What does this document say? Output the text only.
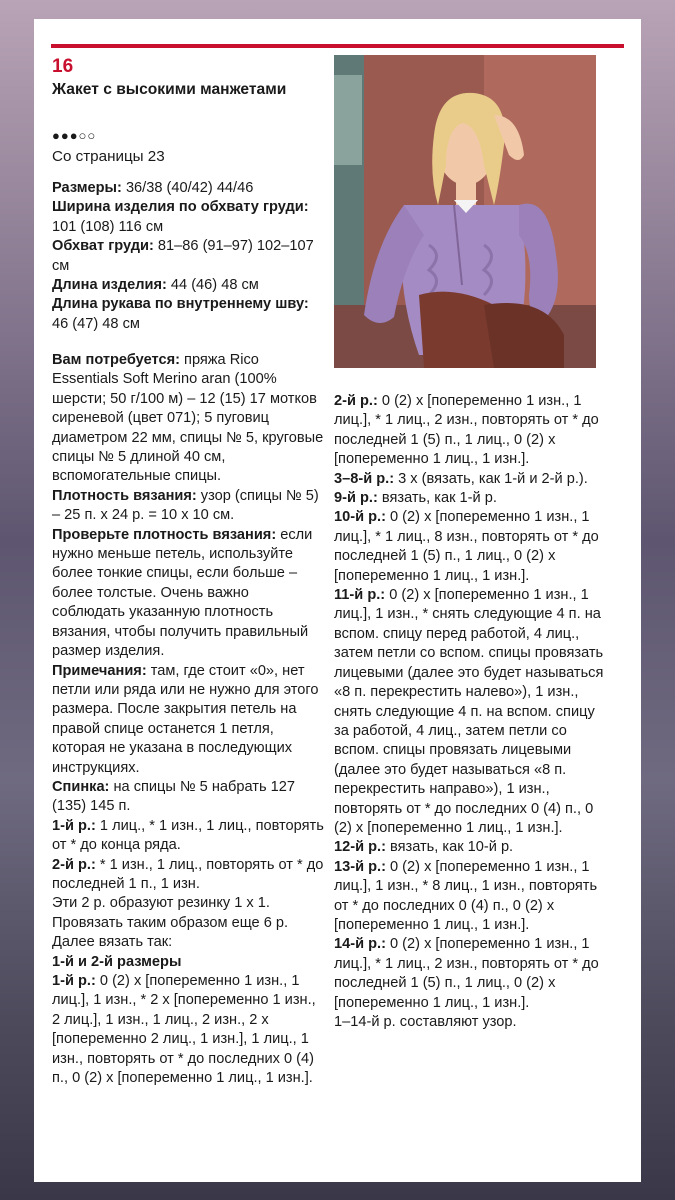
16
Жакет с высокими манжетами
●●●○○
Со страницы 23

Размеры: 36/38 (40/42) 44/46

Ширина изделия по обхвату груди: 101 (108) 116 см

Обхват груди: 81–86 (91–97) 102–107 см

Длина изделия: 44 (46) 48 см

Длина рукава по внутреннему шву: 46 (47) 48 см

Вам потребуется: пряжа Rico Essentials Soft Merino aran (100% шерсти; 50 г/100 м) – 12 (15) 17 мотков сиреневой (цвет 071); 5 пуговиц диаметром 22 мм, спицы № 5, круговые спицы № 5 длиной 40 см, вспомогательные спицы.

Плотность вязания: узор (спицы № 5) – 25 п. х 24 р. = 10 х 10 см.

Проверьте плотность вязания: если нужно меньше петель, используйте более тонкие спицы, если больше – более толстые. Очень важно соблюдать указанную плотность вязания, чтобы получить правильный размер изделия.

Примечания: там, где стоит «0», нет петли или ряда или не нужно для этого размера. После закрытия петель на правой спице останется 1 петля, которая не указана в последующих инструкциях.

Спинка: на спицы № 5 набрать 127 (135) 145 п.

1-й р.: 1 лиц., * 1 изн., 1 лиц., повторять от * до конца ряда.

2-й р.: * 1 изн., 1 лиц., повторять от * до последней 1 п., 1 изн.

Эти 2 р. образуют резинку 1 х 1. Провязать таким образом еще 6 р. Далее вязать так:

1-й и 2-й размеры

1-й р.: 0 (2) х [попеременно 1 изн., 1 лиц.], 1 изн., * 2 х [попеременно 1 изн., 2 лиц.], 1 изн., 1 лиц., 2 изн., 2 х [попеременно 2 лиц., 1 изн.], 1 лиц., 1 изн., повторять от * до последних 0 (4) п., 0 (2) х [попеременно 1 лиц., 1 изн.].

2-й р.: 0 (2) х [попеременно 1 изн., 1 лиц.], * 1 лиц., 2 изн., повторять от * до последней 1 (5) п., 1 лиц., 0 (2) х [попеременно 1 лиц., 1 изн.].

3–8-й р.: 3 х (вязать, как 1-й и 2-й р.).

9-й р.: вязать, как 1-й р.

10-й р.: 0 (2) х [попеременно 1 изн., 1 лиц.], * 1 лиц., 8 изн., повторять от * до последней 1 (5) п., 1 лиц., 0 (2) х [попеременно 1 лиц., 1 изн.].

11-й р.: 0 (2) х [попеременно 1 изн., 1 лиц.], 1 изн., * снять следующие 4 п. на вспом. спицу перед работой, 4 лиц., затем петли со вспом. спицы провязать лицевыми (далее это будет называться «8 п. перекрестить налево»), 1 изн., снять следующие 4 п. на вспом. спицу за работой, 4 лиц., затем петли со вспом. спицы провязать лицевыми (далее это будет называться «8 п. перекрестить направо»), 1 изн., повторять от * до последних 0 (4) п., 0 (2) х [попеременно 1 лиц., 1 изн.].

12-й р.: вязать, как 10-й р.

13-й р.: 0 (2) х [попеременно 1 изн., 1 лиц.], 1 изн., * 8 лиц., 1 изн., повторять от * до последних 0 (4) п., 0 (2) х [попеременно 1 лиц., 1 изн.].

14-й р.: 0 (2) х [попеременно 1 изн., 1 лиц.], * 1 лиц., 2 изн., повторять от * до последней 1 (5) п., 1 лиц., 0 (2) х [попеременно 1 лиц., 1 изн.].

1–14-й р. составляют узор.
